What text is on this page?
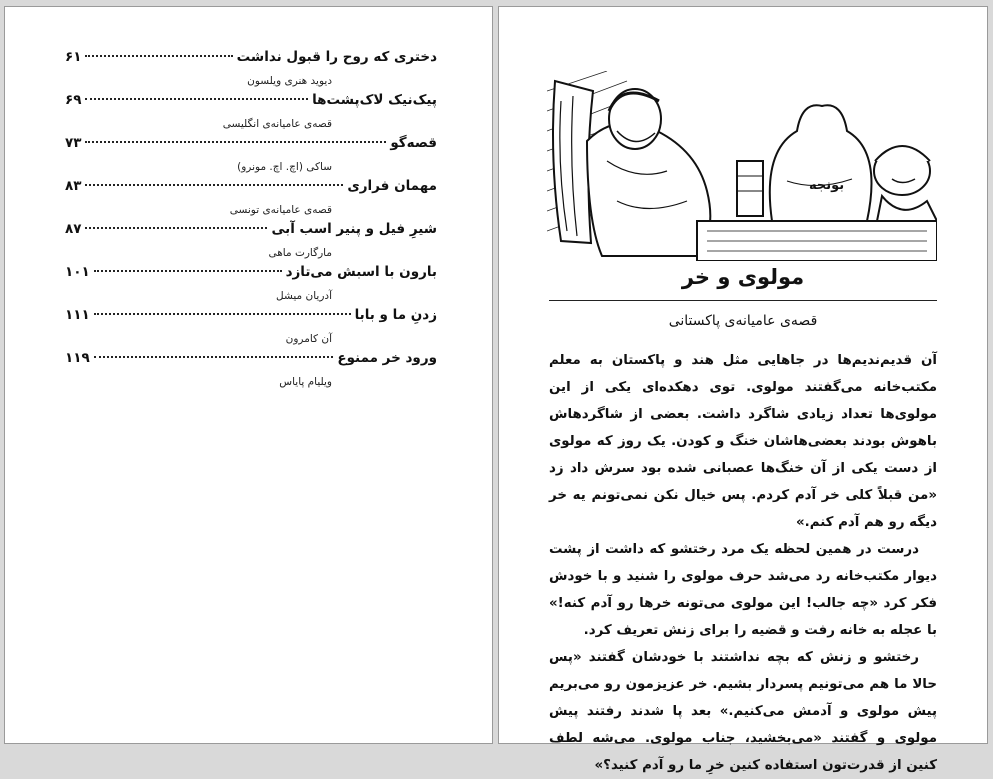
دختری که روح را قبول نداشت
۶۱
دیوید هنری ویلسون
پیک‌نیک لاک‌پشت‌ها
۶۹
قصه‌ی عامیانه‌ی انگلیسی
قصه‌گو
۷۳
ساکی (اچ. اچ. مونرو)
مهمان فراری
۸۳
قصه‌ی عامیانه‌ی تونسی
شیرِ فیل و پنیر اسب آبی
۸۷
مارگارت ماهی
بارون با اسبش می‌تازد
۱۰۱
آدریان میشل
زدنِ ما و بابا
۱۱۱
آن کامرون
ورود خر ممنوع
۱۱۹
ویلیام پایاس
بونجه
مولوی و خر
قصه‌ی عامیانه‌ی پاکستانی

آن قدیم‌ندیم‌ها در جاهایی مثل هند و پاکستان به معلم مکتب‌خانه می‌گفتند مولوی. توی دهکده‌ای یکی از این مولوی‌ها تعداد زیادی شاگرد داشت. بعضی از شاگردهاش باهوش بودند بعضی‌هاشان خنگ و کودن. یک روز که مولوی از دست یکی از آن خنگ‌ها عصبانی شده بود سرش داد زد «من قبلاً کلی خر آدم کردم. پس خیال نکن نمی‌تونم یه خر دیگه رو هم آدم کنم.»

درست در همین لحظه یک مرد رختشو که داشت از پشت دیوار مکتب‌خانه رد می‌شد حرف مولوی را شنید و با خودش فکر کرد «چه جالب! این مولوی می‌تونه خرها رو آدم کنه!» با عجله به خانه رفت و قضیه را برای زنش تعریف کرد.

رختشو و زنش که بچه نداشتند با خودشان گفتند «پس حالا ما هم می‌تونیم پسردار بشیم. خر عزیزمون رو می‌بریم پیش مولوی و آدمش می‌کنیم.» بعد پا شدند رفتند پیش مولوی و گفتند «می‌بخشید، جناب مولوی. می‌شه لطف کنین از قدرت‌تون استفاده کنین خرِ ما رو آدم کنید؟»
